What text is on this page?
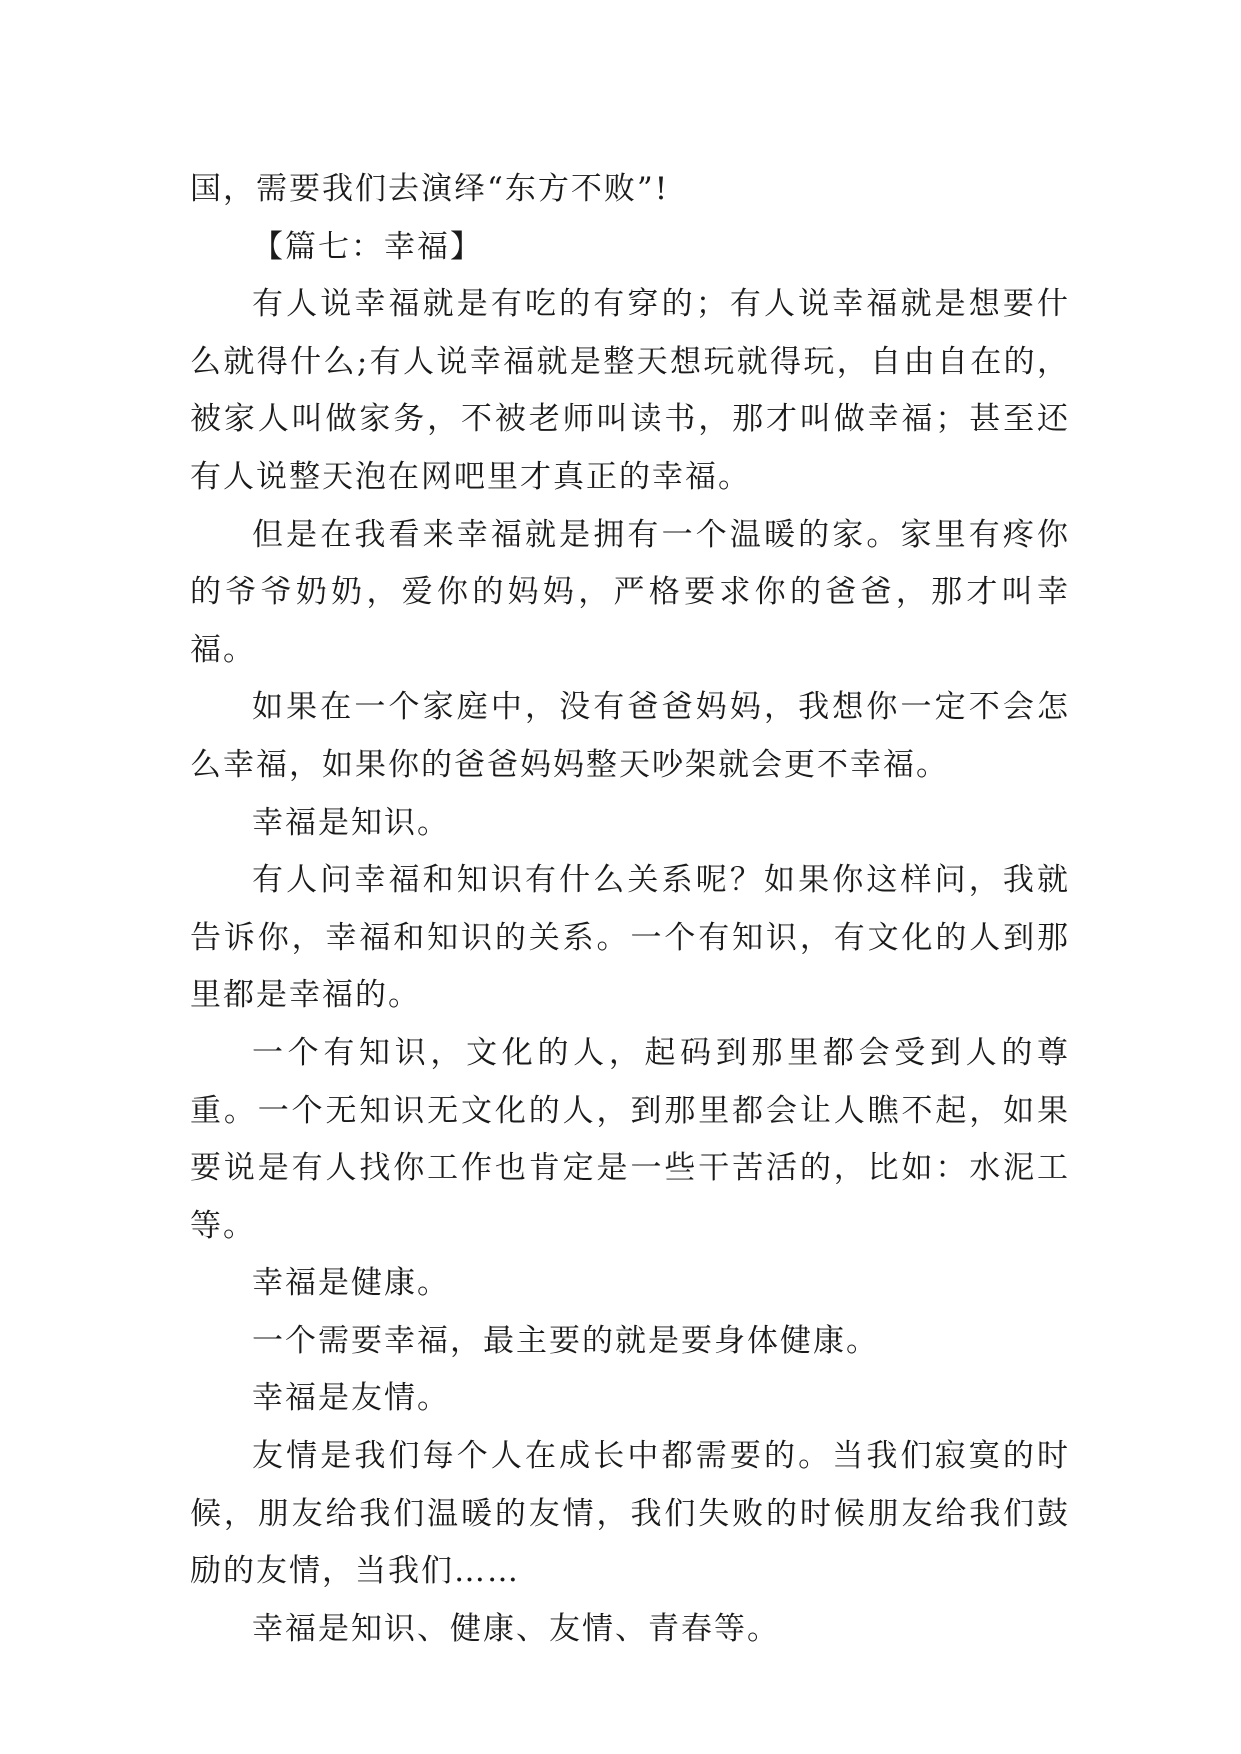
国，需要我们去演绎“东方不败”!

【篇七：幸福】

有人说幸福就是有吃的有穿的；有人说幸福就是想要什么就得什么;有人说幸福就是整天想玩就得玩，自由自在的，被家人叫做家务，不被老师叫读书，那才叫做幸福；甚至还有人说整天泡在网吧里才真正的幸福。

但是在我看来幸福就是拥有一个温暖的家。家里有疼你的爷爷奶奶，爱你的妈妈，严格要求你的爸爸，那才叫幸福。

如果在一个家庭中，没有爸爸妈妈，我想你一定不会怎么幸福，如果你的爸爸妈妈整天吵架就会更不幸福。

幸福是知识。

有人问幸福和知识有什么关系呢？如果你这样问，我就告诉你，幸福和知识的关系。一个有知识，有文化的人到那里都是幸福的。

一个有知识，文化的人，起码到那里都会受到人的尊重。一个无知识无文化的人，到那里都会让人瞧不起，如果要说是有人找你工作也肯定是一些干苦活的，比如：水泥工等。

幸福是健康。

一个需要幸福，最主要的就是要身体健康。

幸福是友情。

友情是我们每个人在成长中都需要的。当我们寂寞的时候，朋友给我们温暖的友情，我们失败的时候朋友给我们鼓励的友情，当我们……

幸福是知识、健康、友情、青春等。
